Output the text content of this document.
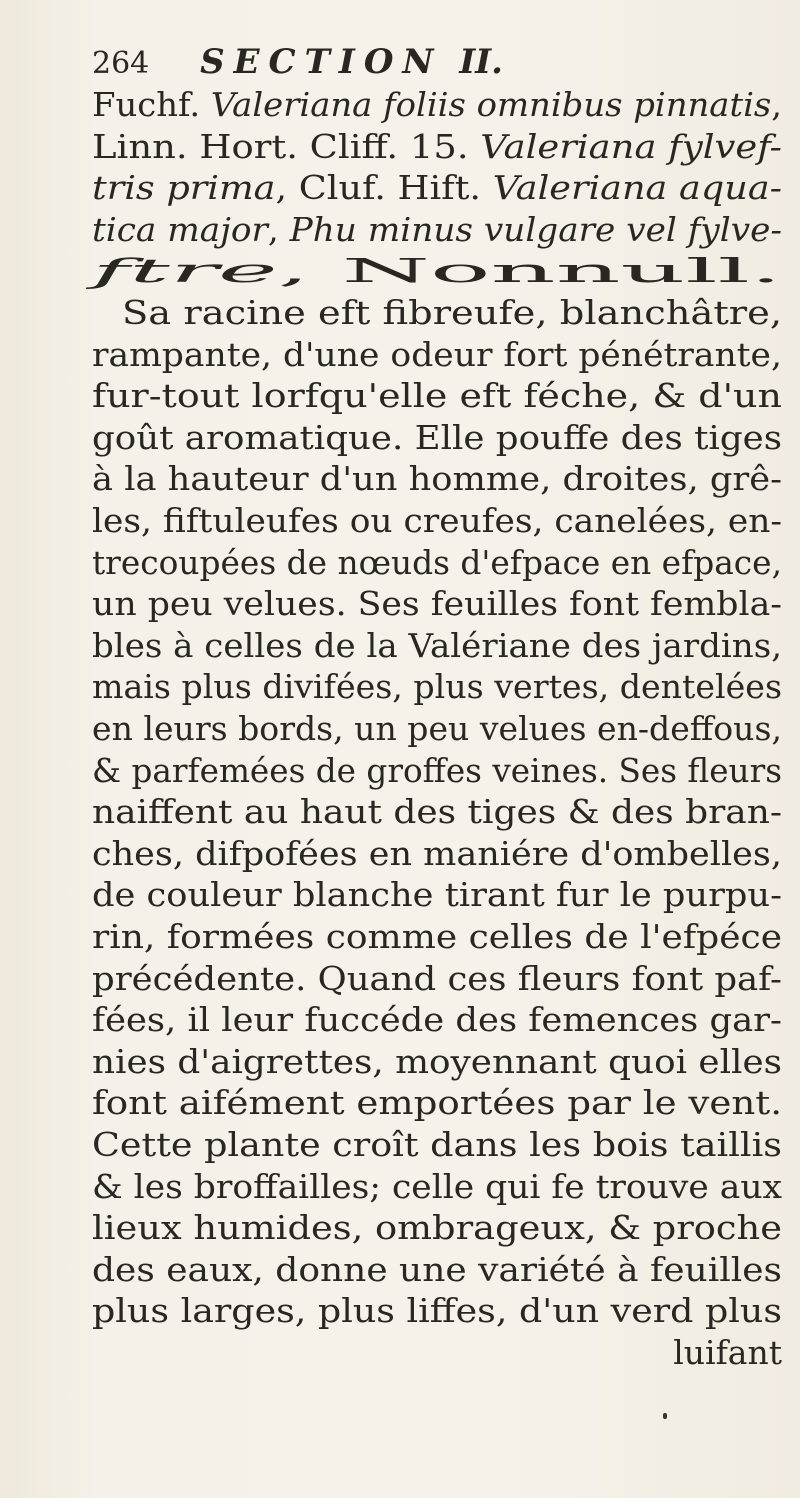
264 SECTION II.
Fuchf. Valeriana foliis omnibus pinnatis,
Linn. Hort. Cliff. 15. Valeriana fylvef-
tris prima, Cluf. Hift. Valeriana aqua-
tica major, Phu minus vulgare vel fylve-
ftre, Nonnull.
Sa racine eft fibreufe, blanchâtre,
rampante, d'une odeur fort pénétrante,
fur-tout lorfqu'elle eft féche, & d'un
goût aromatique. Elle pouffe des tiges
à la hauteur d'un homme, droites, grê-
les, fiftuleufes ou creufes, canelées, en-
trecoupées de nœuds d'efpace en efpace,
un peu velues. Ses feuilles font fembla-
bles à celles de la Valériane des jardins,
mais plus divifées, plus vertes, dentelées
en leurs bords, un peu velues en-deffous,
& parfemées de groffes veines. Ses fleurs
naiffent au haut des tiges & des bran-
ches, difpofées en maniére d'ombelles,
de couleur blanche tirant fur le purpu-
rin, formées comme celles de l'efpéce
précédente. Quand ces fleurs font paf-
fées, il leur fuccéde des femences gar-
nies d'aigrettes, moyennant quoi elles
font aifément emportées par le vent.
Cette plante croît dans les bois taillis
& les broffailles; celle qui fe trouve aux
lieux humides, ombrageux, & proche
des eaux, donne une variété à feuilles
plus larges, plus liffes, d'un verd plus
luifant
